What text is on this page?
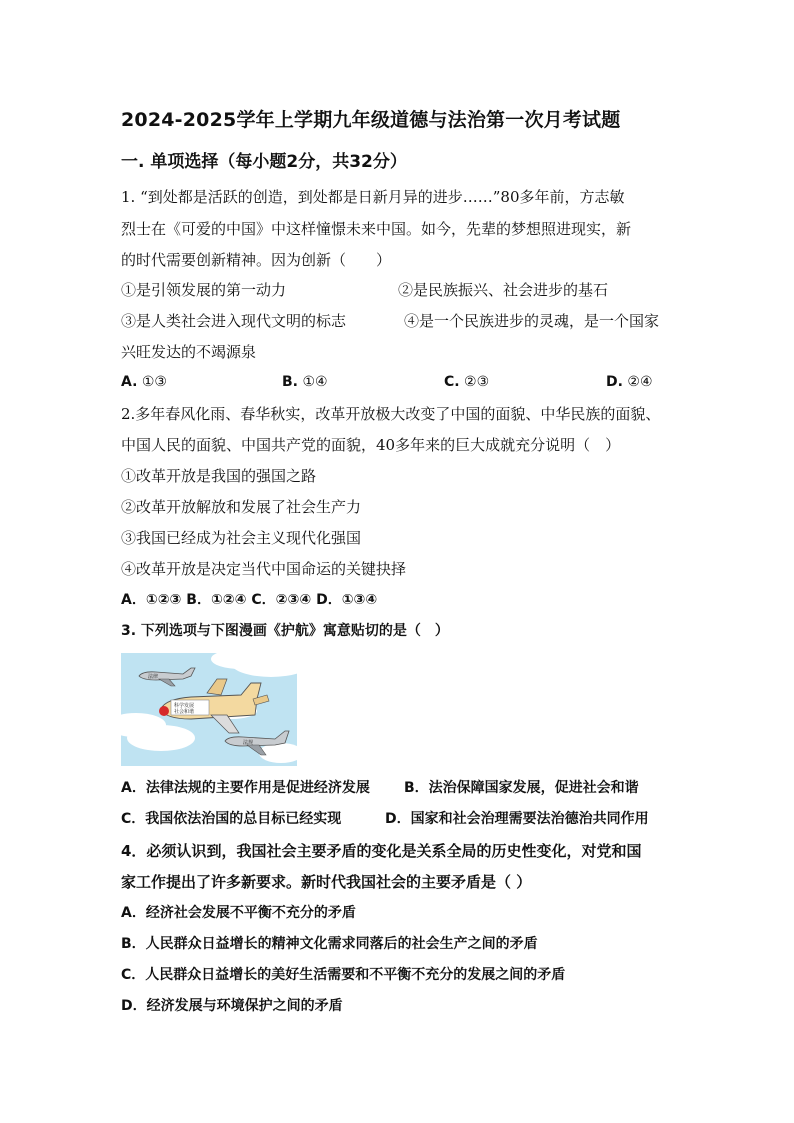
2024-2025学年上学期九年级道德与法治第一次月考试题
一. 单项选择（每小题2分，共32分）
1. “到处都是活跃的创造，到处都是日新月异的进步……”80多年前，方志敏
烈士在《可爱的中国》中这样憧憬未来中国。如今，先辈的梦想照进现实，新
的时代需要创新精神。因为创新（　　）
①是引领发展的第一动力	②是民族振兴、社会进步的基石
③是人类社会进入现代文明的标志	④是一个民族进步的灵魂，是一个国家
兴旺发达的不竭源泉
A. ①③	B. ①④	C. ②③	D. ②④
2.多年春风化雨、春华秋实，改革开放极大改变了中国的面貌、中华民族的面貌、
中国人民的面貌、中国共产党的面貌，40多年来的巨大成就充分说明（　）
①改革开放是我国的强国之路
②改革开放解放和发展了社会生产力
③我国已经成为社会主义现代化强国
④改革开放是决定当代中国命运的关键抉择
A．①②③ B．①②④ C．②③④ D．①③④
3. 下列选项与下图漫画《护航》寓意贴切的是（　）
法律
科学发展
社会和谐
法规
A．法律法规的主要作用是促进经济发展 B．法治保障国家发展，促进社会和谐
C．我国依法治国的总目标已经实现	D．国家和社会治理需要法治德治共同作用
4．必须认识到，我国社会主要矛盾的变化是关系全局的历史性变化，对党和国
家工作提出了许多新要求。新时代我国社会的主要矛盾是（ ）
A．经济社会发展不平衡不充分的矛盾
B．人民群众日益增长的精神文化需求同落后的社会生产之间的矛盾
C．人民群众日益增长的美好生活需要和不平衡不充分的发展之间的矛盾
D．经济发展与环境保护之间的矛盾
